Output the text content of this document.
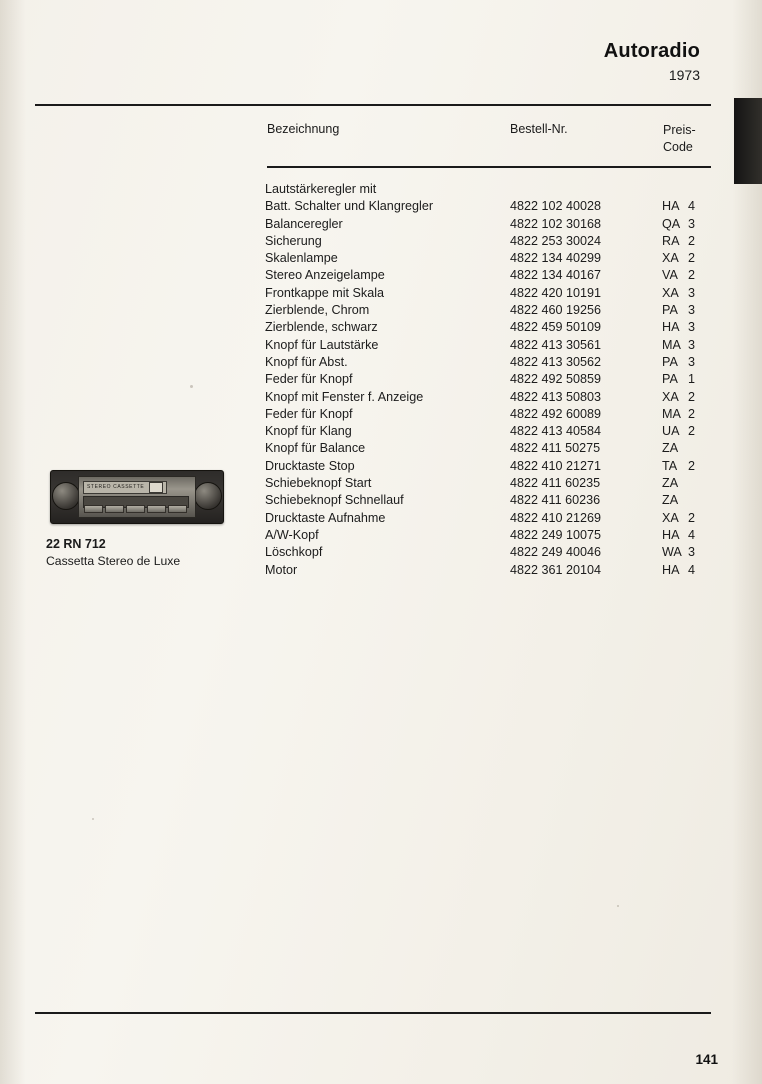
Autoradio
1973
Bezeichnung	Bestell-Nr.	Preis-
Code
Lautstärkeregler mit			
Batt. Schalter und Klangregler	4822 102 40028	HA	4
Balanceregler	4822 102 30168	QA	3
Sicherung	4822 253 30024	RA	2
Skalenlampe	4822 134 40299	XA	2
Stereo Anzeigelampe	4822 134 40167	VA	2
Frontkappe mit Skala	4822 420 10191	XA	3
Zierblende, Chrom	4822 460 19256	PA	3
Zierblende, schwarz	4822 459 50109	HA	3
Knopf für Lautstärke	4822 413 30561	MA	3
Knopf für Abst.	4822 413 30562	PA	3
Feder für Knopf	4822 492 50859	PA	1
Knopf mit Fenster f. Anzeige	4822 413 50803	XA	2
Feder für Knopf	4822 492 60089	MA	2
Knopf für Klang	4822 413 40584	UA	2
Knopf für Balance	4822 411 50275	ZA	
Drucktaste Stop	4822 410 21271	TA	2
Schiebeknopf Start	4822 411 60235	ZA	
Schiebeknopf Schnellauf	4822 411 60236	ZA	
Drucktaste Aufnahme	4822 410 21269	XA	2
A/W-Kopf	4822 249 10075	HA	4
Löschkopf	4822 249 40046	WA	3
Motor	4822 361 20104	HA	4
STEREO CASSETTE
22 RN 712
Cassetta Stereo de Luxe
141
